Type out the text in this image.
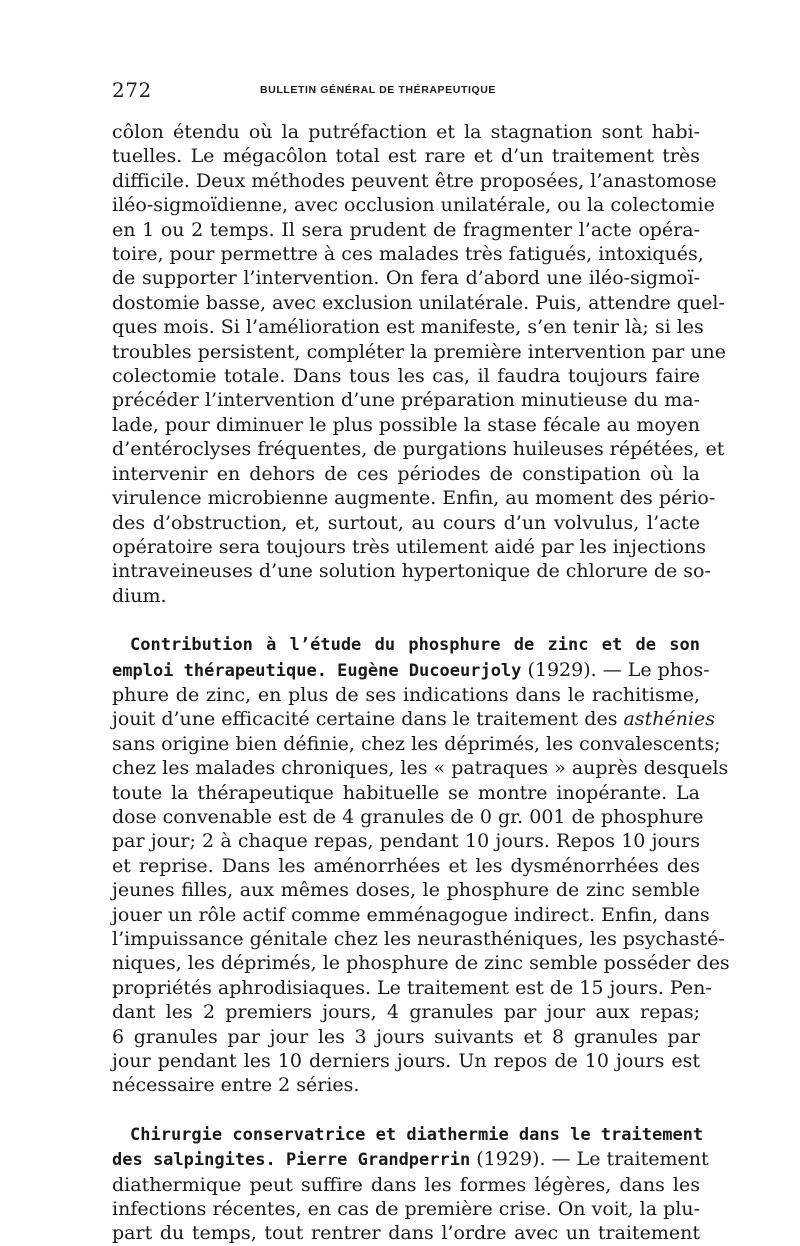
272	BULLETIN GÉNÉRAL DE THÉRAPEUTIQUE
côlon étendu où la putréfaction et la stagnation sont habi-
tuelles. Le mégacôlon total est rare et d’un traitement très
difficile. Deux méthodes peuvent être proposées, l’anastomose
iléo-sigmoïdienne, avec occlusion unilatérale, ou la colectomie
en 1 ou 2 temps. Il sera prudent de fragmenter l’acte opéra-
toire, pour permettre à ces malades très fatigués, intoxiqués,
de supporter l’intervention. On fera d’abord une iléo-sigmoï-
dostomie basse, avec exclusion unilatérale. Puis, attendre quel-
ques mois. Si l’amélioration est manifeste, s’en tenir là; si les
troubles persistent, compléter la première intervention par une
colectomie totale. Dans tous les cas, il faudra toujours faire
précéder l’intervention d’une préparation minutieuse du ma-
lade, pour diminuer le plus possible la stase fécale au moyen
d’entéroclyses fréquentes, de purgations huileuses répétées, et
intervenir en dehors de ces périodes de constipation où la
virulence microbienne augmente. Enfin, au moment des pério-
des d’obstruction, et, surtout, au cours d’un volvulus, l’acte
opératoire sera toujours très utilement aidé par les injections
intraveineuses d’une solution hypertonique de chlorure de so-
dium.
Contribution à l’étude du phosphure de zinc et de son
emploi thérapeutique. Eugène Ducoeurjoly (1929). — Le phos-
phure de zinc, en plus de ses indications dans le rachitisme,
jouit d’une efficacité certaine dans le traitement des asthénies
sans origine bien définie, chez les déprimés, les convalescents;
chez les malades chroniques, les « patraques » auprès desquels
toute la thérapeutique habituelle se montre inopérante. La
dose convenable est de 4 granules de 0 gr. 001 de phosphure
par jour; 2 à chaque repas, pendant 10 jours. Repos 10 jours
et reprise. Dans les aménorrhées et les dysménorrhées des
jeunes filles, aux mêmes doses, le phosphure de zinc semble
jouer un rôle actif comme emménagogue indirect. Enfin, dans
l’impuissance génitale chez les neurasthéniques, les psychasté-
niques, les déprimés, le phosphure de zinc semble posséder des
propriétés aphrodisiaques. Le traitement est de 15 jours. Pen-
dant les 2 premiers jours, 4 granules par jour aux repas;
6 granules par jour les 3 jours suivants et 8 granules par
jour pendant les 10 derniers jours. Un repos de 10 jours est
nécessaire entre 2 séries.
Chirurgie conservatrice et diathermie dans le traitement
des salpingites. Pierre Grandperrin (1929). — Le traitement
diathermique peut suffire dans les formes légères, dans les
infections récentes, en cas de première crise. On voit, la plu-
part du temps, tout rentrer dans l’ordre avec un traitement
